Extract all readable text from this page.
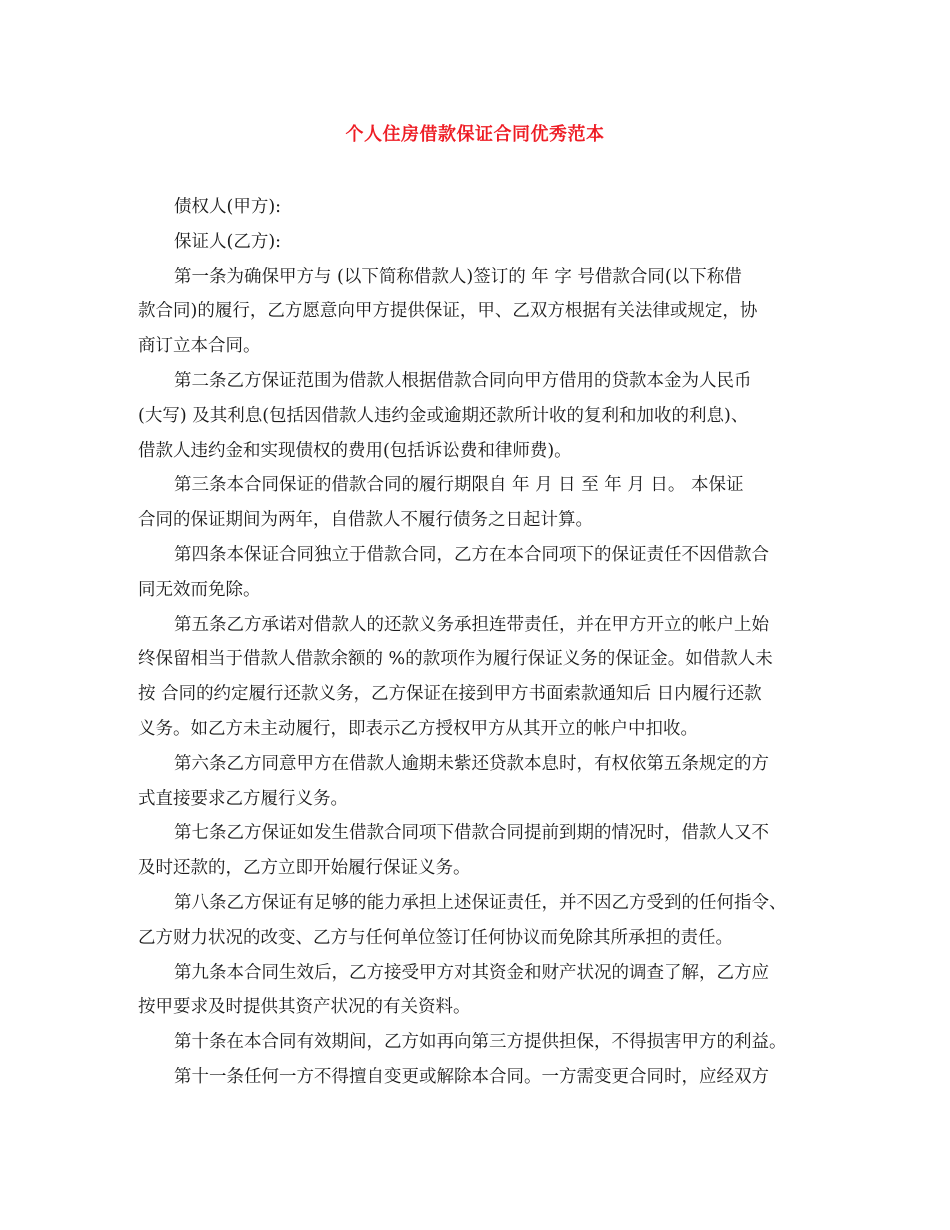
个人住房借款保证合同优秀范本
债权人(甲方):
保证人(乙方):
第一条为确保甲方与 (以下简称借款人)签订的 年 字 号借款合同(以下称借
款合同)的履行，乙方愿意向甲方提供保证，甲、乙双方根据有关法律或规定，协
商订立本合同。
第二条乙方保证范围为借款人根据借款合同向甲方借用的贷款本金为人民币
(大写) 及其利息(包括因借款人违约金或逾期还款所计收的复利和加收的利息)、
借款人违约金和实现债权的费用(包括诉讼费和律师费)。
第三条本合同保证的借款合同的履行期限自 年 月 日 至 年 月 日。 本保证
合同的保证期间为两年，自借款人不履行债务之日起计算。
第四条本保证合同独立于借款合同，乙方在本合同项下的保证责任不因借款合
同无效而免除。
第五条乙方承诺对借款人的还款义务承担连带责任，并在甲方开立的帐户上始
终保留相当于借款人借款余额的 %的款项作为履行保证义务的保证金。如借款人未
按 合同的约定履行还款义务，乙方保证在接到甲方书面索款通知后 日内履行还款
义务。如乙方未主动履行，即表示乙方授权甲方从其开立的帐户中扣收。
第六条乙方同意甲方在借款人逾期未紫还贷款本息时，有权依第五条规定的方
式直接要求乙方履行义务。
第七条乙方保证如发生借款合同项下借款合同提前到期的情况时，借款人又不
及时还款的，乙方立即开始履行保证义务。
第八条乙方保证有足够的能力承担上述保证责任，并不因乙方受到的任何指令、
乙方财力状况的改变、乙方与任何单位签订任何协议而免除其所承担的责任。
第九条本合同生效后，乙方接受甲方对其资金和财产状况的调查了解，乙方应
按甲要求及时提供其资产状况的有关资料。
第十条在本合同有效期间，乙方如再向第三方提供担保，不得损害甲方的利益。
第十一条任何一方不得擅自变更或解除本合同。一方需变更合同时，应经双方
